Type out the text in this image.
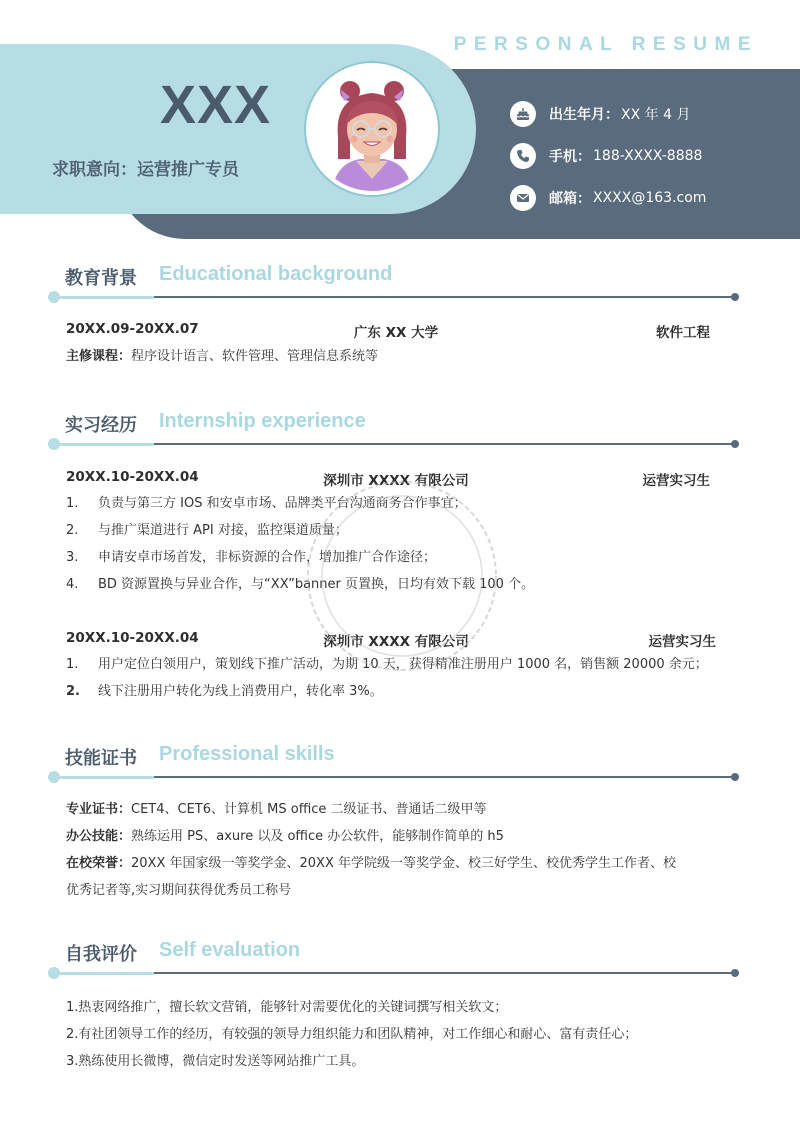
PERSONAL RESUME
XXX
求职意向：运营推广专员
出生年月： XX 年 4 月
手机： 188-XXXX-8888
邮箱： XXXX@163.com
教育背景 Educational background
20XX.09-20XX.07	广东 XX 大学	软件工程
主修课程：程序设计语言、软件管理、管理信息系统等
实习经历 Internship experience
20XX.10-20XX.04	深圳市 XXXX 有限公司	运营实习生
1. 负责与第三方 IOS 和安卓市场、品牌类平台沟通商务合作事宜；
2. 与推广渠道进行 API 对接，监控渠道质量；
3. 申请安卓市场首发，非标资源的合作，增加推广合作途径；
4. BD 资源置换与异业合作，与“XX”banner 页置换，日均有效下载 100 个。
20XX.10-20XX.04	深圳市 XXXX 有限公司	运营实习生
1. 用户定位白领用户，策划线下推广活动，为期 10 天，获得精准注册用户 1000 名，销售额 20000 余元；
2. 线下注册用户转化为线上消费用户，转化率 3%。
技能证书 Professional skills
专业证书：CET4、CET6、计算机 MS office 二级证书、普通话二级甲等
办公技能：熟练运用 PS、axure 以及 office 办公软件，能够制作简单的 h5
在校荣誉：20XX 年国家级一等奖学金、20XX 年学院级一等奖学金、校三好学生、校优秀学生工作者、校
优秀记者等,实习期间获得优秀员工称号
自我评价 Self evaluation
1.热衷网络推广，擅长软文营销，能够针对需要优化的关键词撰写相关软文；
2.有社团领导工作的经历，有较强的领导力组织能力和团队精神，对工作细心和耐心、富有责任心；
3.熟练使用长微博，微信定时发送等网站推广工具。
